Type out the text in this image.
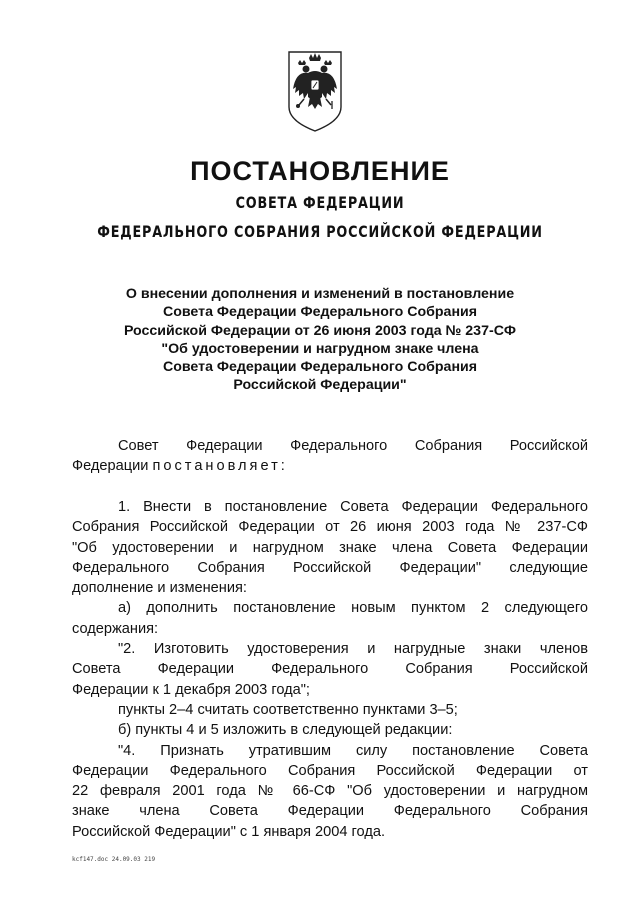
ПОСТАНОВЛЕНИЕ
СОВЕТА ФЕДЕРАЦИИ
ФЕДЕРАЛЬНОГО СОБРАНИЯ РОССИЙСКОЙ ФЕДЕРАЦИИ
О внесении дополнения и изменений в постановление
Совета Федерации Федерального Собрания
Российской Федерации от 26 июня 2003 года № 237-СФ
"Об удостоверении и нагрудном знаке члена
Совета Федерации Федерального Собрания
Российской Федерации"
Совет Федерации Федерального Собрания Российской
Федерации постановляет:
1. Внести в постановление Совета Федерации Федерального
Собрания Российской Федерации от 26 июня 2003 года № 237-СФ
"Об удостоверении и нагрудном знаке члена Совета Федерации
Федерального Собрания Российской Федерации" следующие
дополнение и изменения:
а) дополнить постановление новым пунктом 2 следующего
содержания:
"2. Изготовить удостоверения и нагрудные знаки членов
Совета Федерации Федерального Собрания Российской
Федерации к 1 декабря 2003 года";
пункты 2–4 считать соответственно пунктами 3–5;
б) пункты 4 и 5 изложить в следующей редакции:
"4. Признать утратившим силу постановление Совета
Федерации Федерального Собрания Российской Федерации от
22 февраля 2001 года № 66-СФ "Об удостоверении и нагрудном
знаке члена Совета Федерации Федерального Собрания
Российской Федерации" с 1 января 2004 года.
kcf147.doc 24.09.03 219
